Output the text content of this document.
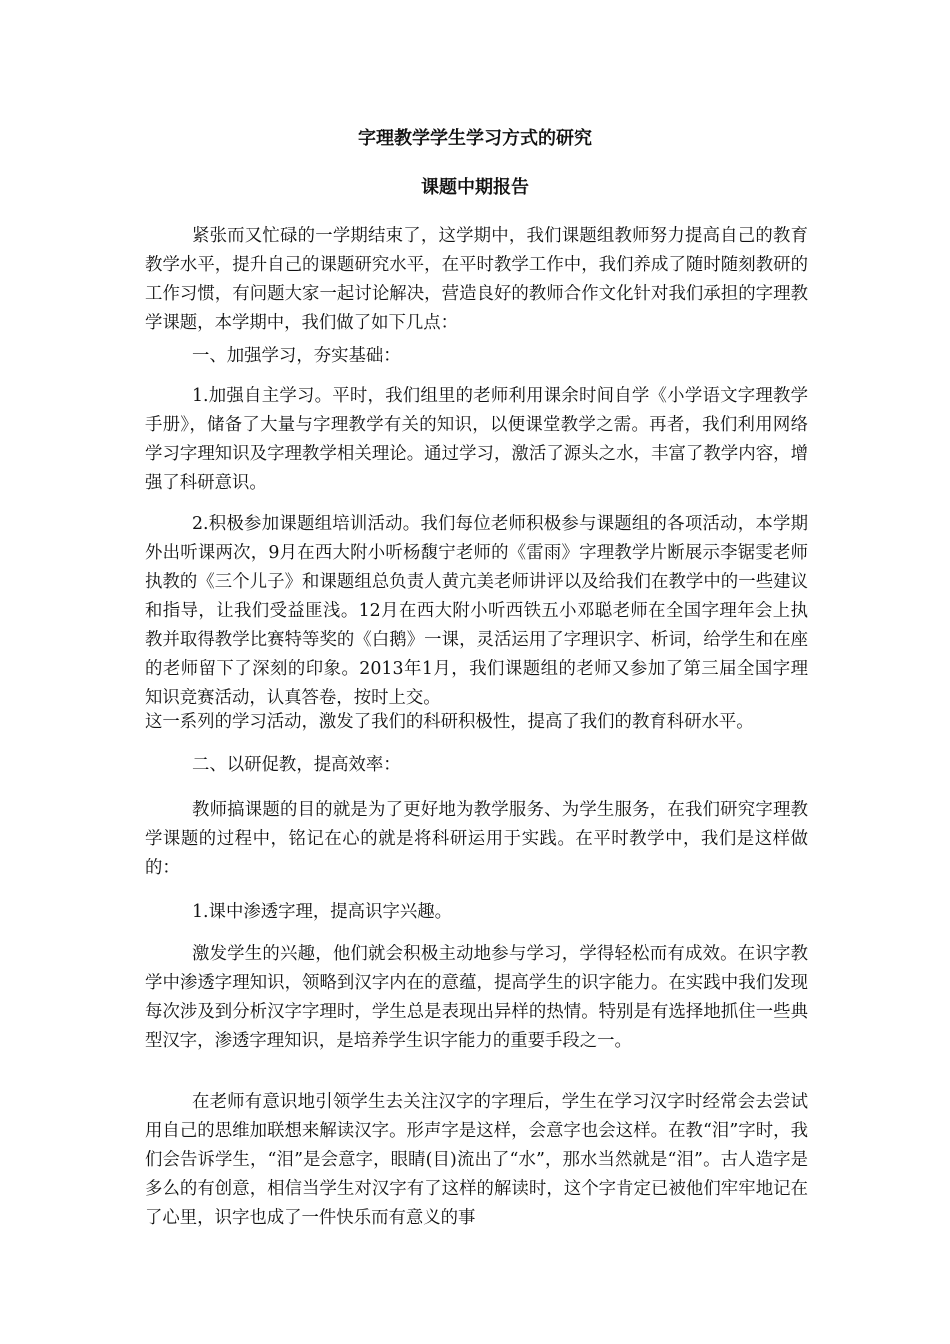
字理教学学生学习方式的研究
课题中期报告

紧张而又忙碌的一学期结束了，这学期中，我们课题组教师努力提高自己的教育教学水平，提升自己的课题研究水平，在平时教学工作中，我们养成了随时随刻教研的工作习惯，有问题大家一起讨论解决，营造良好的教师合作文化针对我们承担的字理教学课题，本学期中，我们做了如下几点：

一、加强学习，夯实基础：

1.加强自主学习。平时，我们组里的老师利用课余时间自学《小学语文字理教学手册》，储备了大量与字理教学有关的知识，以便课堂教学之需。再者，我们利用网络学习字理知识及字理教学相关理论。通过学习，激活了源头之水，丰富了教学内容，增强了科研意识。

2.积极参加课题组培训活动。我们每位老师积极参与课题组的各项活动，本学期外出听课两次，9月在西大附小听杨馥宁老师的《雷雨》字理教学片断展示李锯雯老师执教的《三个儿子》和课题组总负责人黄亢美老师讲评以及给我们在教学中的一些建议和指导，让我们受益匪浅。12月在西大附小听西铁五小邓聪老师在全国字理年会上执教并取得教学比赛特等奖的《白鹅》一课，灵活运用了字理识字、析词，给学生和在座的老师留下了深刻的印象。2013年1月，我们课题组的老师又参加了第三届全国字理知识竞赛活动，认真答卷，按时上交。

这一系列的学习活动，激发了我们的科研积极性，提高了我们的教育科研水平。

二、以研促教，提高效率：

教师搞课题的目的就是为了更好地为教学服务、为学生服务，在我们研究字理教学课题的过程中，铭记在心的就是将科研运用于实践。在平时教学中，我们是这样做的：

1.课中渗透字理，提高识字兴趣。

激发学生的兴趣，他们就会积极主动地参与学习，学得轻松而有成效。在识字教学中渗透字理知识，领略到汉字内在的意蕴，提高学生的识字能力。在实践中我们发现每次涉及到分析汉字字理时，学生总是表现出异样的热情。特别是有选择地抓住一些典型汉字，渗透字理知识，是培养学生识字能力的重要手段之一。

在老师有意识地引领学生去关注汉字的字理后，学生在学习汉字时经常会去尝试用自己的思维加联想来解读汉字。形声字是这样，会意字也会这样。在教“泪”字时，我们会告诉学生，“泪”是会意字，眼睛(目)流出了“水”，那水当然就是“泪”。古人造字是多么的有创意，相信当学生对汉字有了这样的解读时，这个字肯定已被他们牢牢地记在了心里，识字也成了一件快乐而有意义的事
